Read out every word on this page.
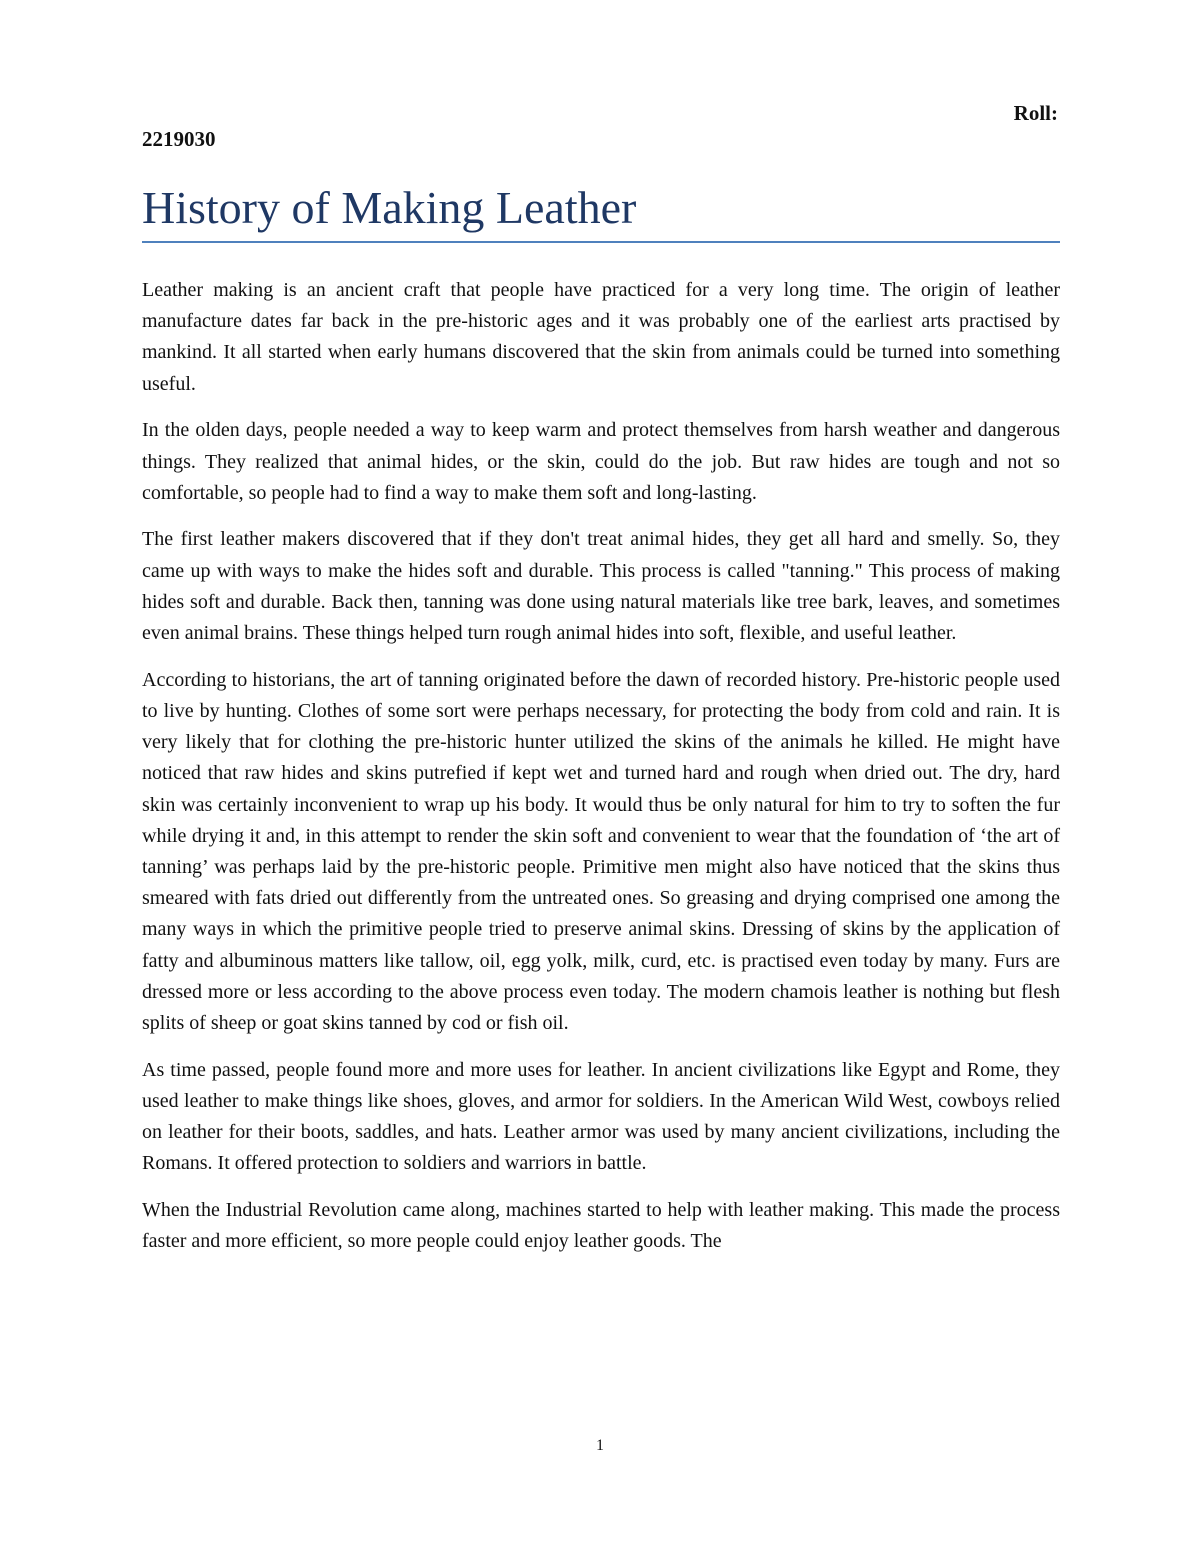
Roll:

2219030

History of Making Leather

Leather making is an ancient craft that people have practiced for a very long time. The origin of leather manufacture dates far back in the pre-historic ages and it was probably one of the earliest arts practised by mankind. It all started when early humans discovered that the skin from animals could be turned into something useful.

In the olden days, people needed a way to keep warm and protect themselves from harsh weather and dangerous things. They realized that animal hides, or the skin, could do the job. But raw hides are tough and not so comfortable, so people had to find a way to make them soft and long-lasting.

The first leather makers discovered that if they don't treat animal hides, they get all hard and smelly. So, they came up with ways to make the hides soft and durable. This process is called "tanning." This process of making hides soft and durable. Back then, tanning was done using natural materials like tree bark, leaves, and sometimes even animal brains. These things helped turn rough animal hides into soft, flexible, and useful leather.

According to historians, the art of tanning originated before the dawn of recorded history. Pre-historic people used to live by hunting. Clothes of some sort were perhaps necessary, for protecting the body from cold and rain. It is very likely that for clothing the pre-historic hunter utilized the skins of the animals he killed. He might have noticed that raw hides and skins putrefied if kept wet and turned hard and rough when dried out. The dry, hard skin was certainly inconvenient to wrap up his body. It would thus be only natural for him to try to soften the fur while drying it and, in this attempt to render the skin soft and convenient to wear that the foundation of ‘the art of tanning’ was perhaps laid by the pre-historic people. Primitive men might also have noticed that the skins thus smeared with fats dried out differently from the untreated ones. So greasing and drying comprised one among the many ways in which the primitive people tried to preserve animal skins. Dressing of skins by the application of fatty and albuminous matters like tallow, oil, egg yolk, milk, curd, etc. is practised even today by many. Furs are dressed more or less according to the above process even today. The modern chamois leather is nothing but flesh splits of sheep or goat skins tanned by cod or fish oil.

As time passed, people found more and more uses for leather. In ancient civilizations like Egypt and Rome, they used leather to make things like shoes, gloves, and armor for soldiers. In the American Wild West, cowboys relied on leather for their boots, saddles, and hats. Leather armor was used by many ancient civilizations, including the Romans. It offered protection to soldiers and warriors in battle.

When the Industrial Revolution came along, machines started to help with leather making. This made the process faster and more efficient, so more people could enjoy leather goods. The

1
